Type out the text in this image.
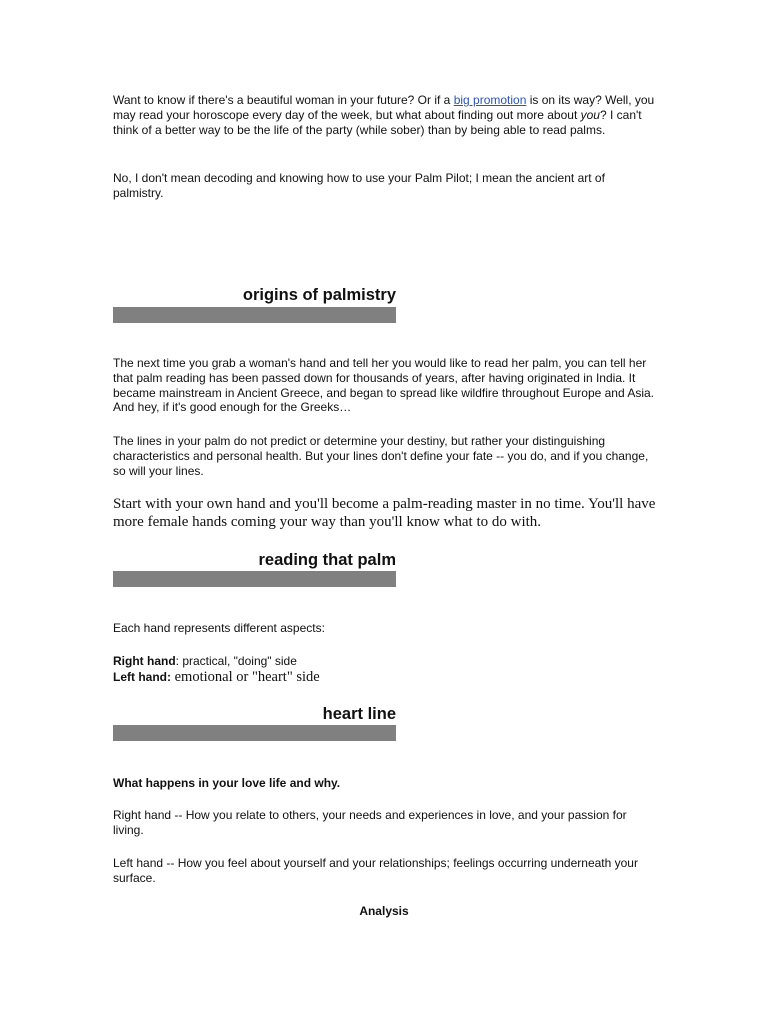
Want to know if there's a beautiful woman in your future? Or if a big promotion is on its way? Well, you may read your horoscope every day of the week, but what about finding out more about you? I can't think of a better way to be the life of the party (while sober) than by being able to read palms.

No, I don't mean decoding and knowing how to use your Palm Pilot; I mean the ancient art of palmistry.

origins of palmistry

The next time you grab a woman's hand and tell her you would like to read her palm, you can tell her that palm reading has been passed down for thousands of years, after having originated in India. It became mainstream in Ancient Greece, and began to spread like wildfire throughout Europe and Asia. And hey, if it's good enough for the Greeks…

The lines in your palm do not predict or determine your destiny, but rather your distinguishing characteristics and personal health. But your lines don't define your fate -- you do, and if you change, so will your lines.

Start with your own hand and you'll become a palm-reading master in no time. You'll have more female hands coming your way than you'll know what to do with.

reading that palm

Each hand represents different aspects:

Right hand: practical, "doing" side

Left hand: emotional or "heart" side

heart line

What happens in your love life and why.

Right hand -- How you relate to others, your needs and experiences in love, and your passion for living.

Left hand -- How you feel about yourself and your relationships; feelings occurring underneath your surface.

Analysis
